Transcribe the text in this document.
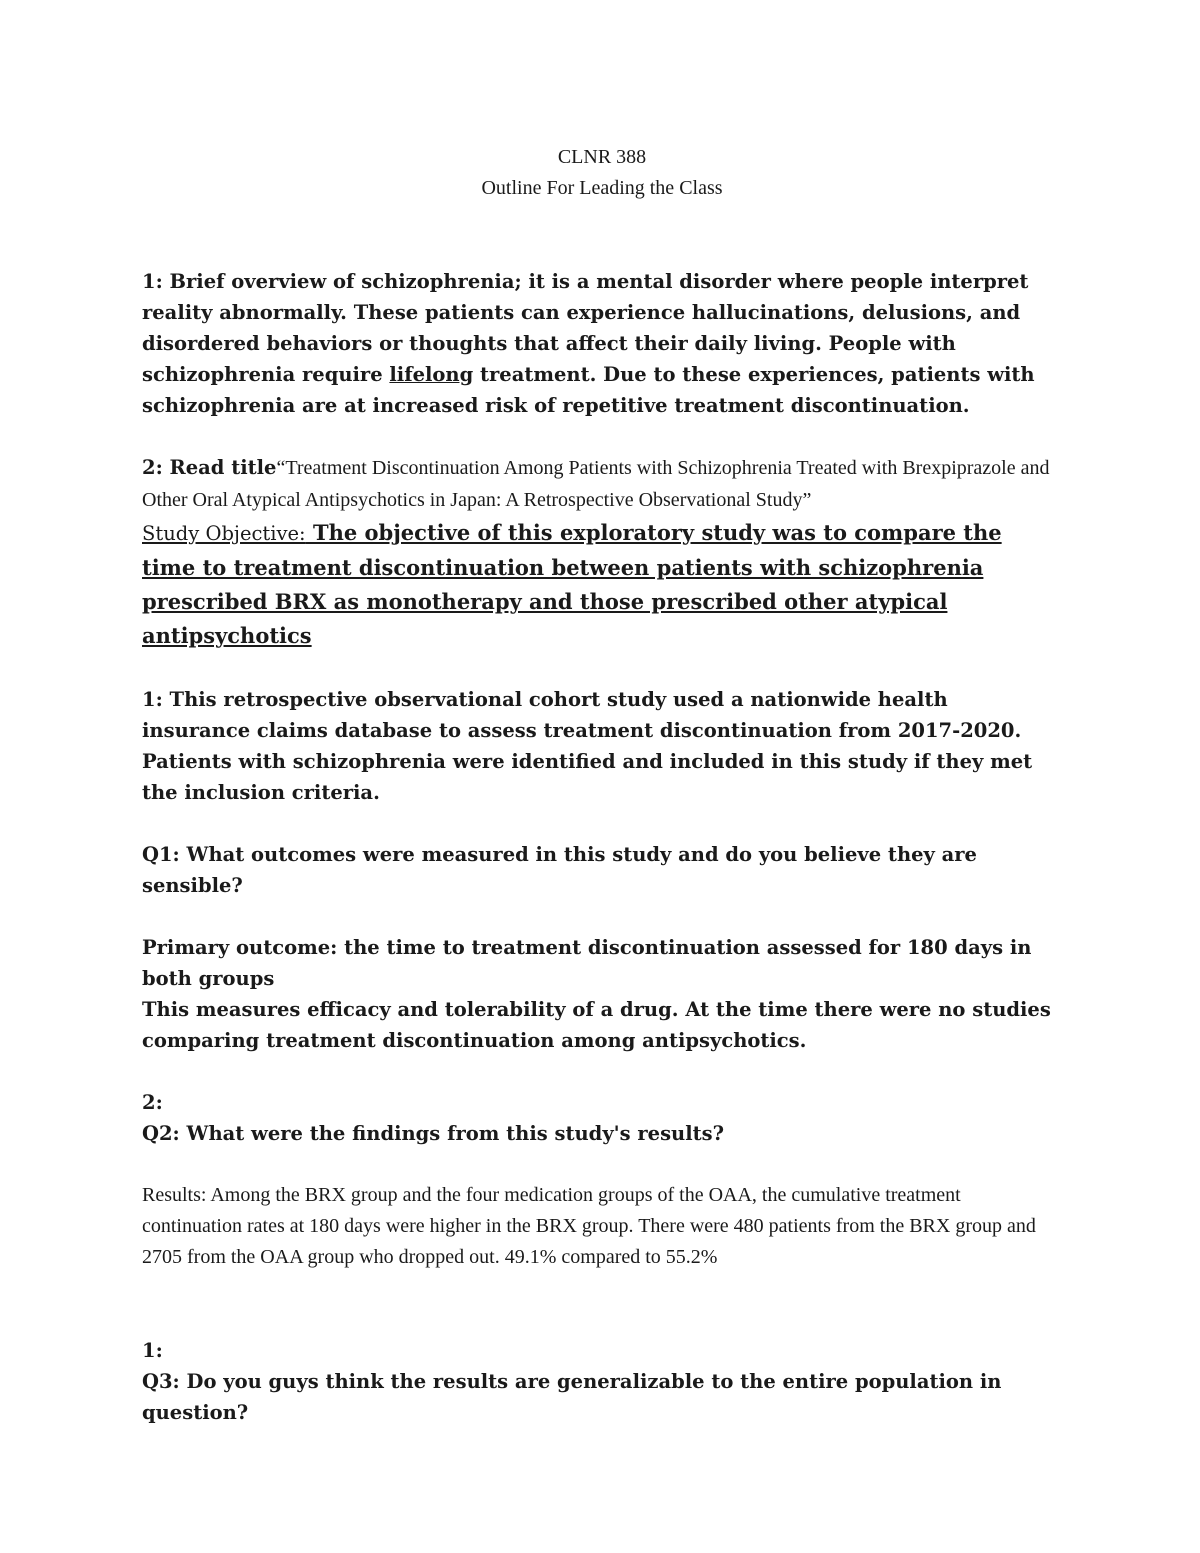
CLNR 388
Outline For Leading the Class

1: Brief overview of schizophrenia; it is a mental disorder where people interpret reality abnormally. These patients can experience hallucinations, delusions, and disordered behaviors or thoughts that affect their daily living. People with schizophrenia require lifelong treatment. Due to these experiences, patients with schizophrenia are at increased risk of repetitive treatment discontinuation.

2: Read title“Treatment Discontinuation Among Patients with Schizophrenia Treated with Brexpiprazole and Other Oral Atypical Antipsychotics in Japan: A Retrospective Observational Study”

Study Objective: The objective of this exploratory study was to compare the time to treatment discontinuation between patients with schizophrenia prescribed BRX as monotherapy and those prescribed other atypical antipsychotics

1: This retrospective observational cohort study used a nationwide health insurance claims database to assess treatment discontinuation from 2017-2020. Patients with schizophrenia were identified and included in this study if they met the inclusion criteria.

Q1: What outcomes were measured in this study and do you believe they are sensible?

Primary outcome: the time to treatment discontinuation assessed for 180 days in both groups

This measures efficacy and tolerability of a drug. At the time there were no studies comparing treatment discontinuation among antipsychotics.

2:

Q2: What were the findings from this study's results?

Results: Among the BRX group and the four medication groups of the OAA, the cumulative treatment continuation rates at 180 days were higher in the BRX group. There were 480 patients from the BRX group and 2705 from the OAA group who dropped out. 49.1% compared to 55.2%

1:

Q3: Do you guys think the results are generalizable to the entire population in question?
